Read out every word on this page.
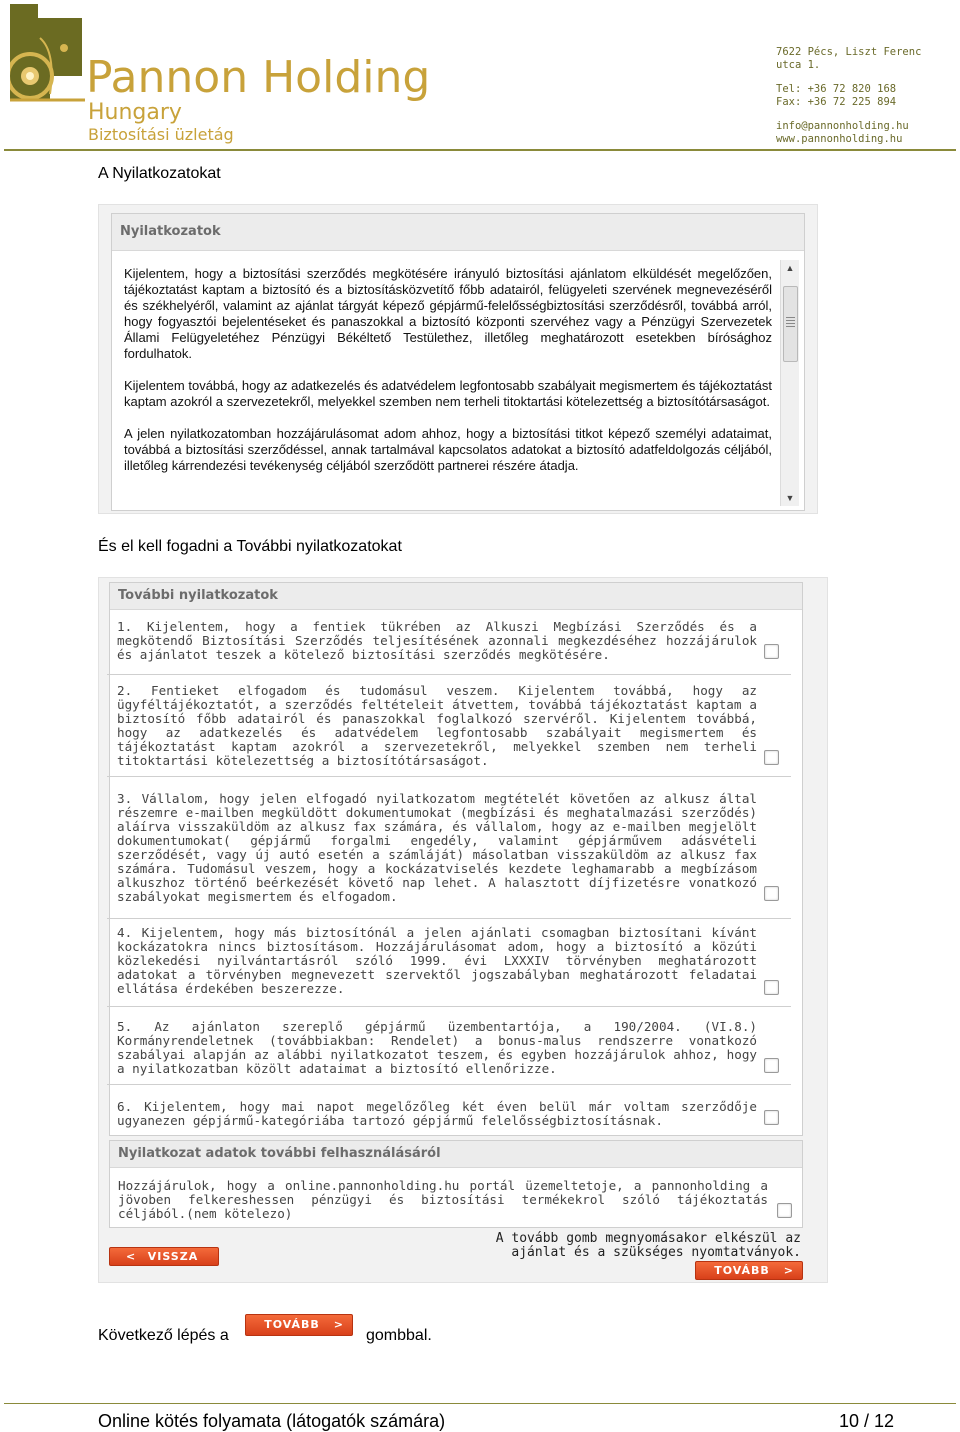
Pannon Holding
Hungary
Biztosítási üzletág
7622 Pécs, Liszt Ferenc utca 1.
Tel: +36 72 820 168
Fax: +36 72 225 894
info@pannonholding.hu
www.pannonholding.hu
A Nyilatkozatokat
Nyilatkozatok

Kijelentem, hogy a biztosítási szerződés megkötésére irányuló biztosítási ajánlatom elküldését megelőzően, tájékoztatást kaptam a biztosító és a biztosításközvetítő főbb adatairól, felügyeleti szervének megnevezéséről és székhelyéről, valamint az ajánlat tárgyát képező gépjármű-felelősségbiztosítási szerződésről, továbbá arról, hogy fogyasztói bejelentéseket és panaszokkal a biztosító központi szervéhez vagy a Pénzügyi Szervezetek Állami Felügyeletéhez Pénzügyi Békéltető Testülethez, illetőleg meghatározott esetekben bírósághoz fordulhatok.

Kijelentem továbbá, hogy az adatkezelés és adatvédelem legfontosabb szabályait megismertem és tájékoztatást kaptam azokról a szervezetekről, melyekkel szemben nem terheli titoktartási kötelezettség a biztosítótársaságot.

A jelen nyilatkozatomban hozzájárulásomat adom ahhoz, hogy a biztosítási titkot képező személyi adataimat, továbbá a biztosítási szerződéssel, annak tartalmával kapcsolatos adatokat a biztosító adatfeldolgozás céljából, illetőleg kárrendezési tevékenység céljából szerződött partnerei részére átadja.

▲
▼
És el kell fogadni a További nyilatkozatokat
További nyilatkozatok
1. Kijelentem, hogy a fentiek tükrében az Alkuszi Megbízási Szerződés és a megkötendő Biztosítási Szerződés teljesítésének azonnali megkezdéséhez hozzájárulok és ajánlatot teszek a kötelező biztosítási szerződés megkötésére.
2. Fentieket elfogadom és tudomásul veszem. Kijelentem továbbá, hogy az ügyféltájékoztatót, a szerződés feltételeit átvettem, továbbá tájékoztatást kaptam a biztosító főbb adatairól és panaszokkal foglalkozó szervéről. Kijelentem továbbá, hogy az adatkezelés és adatvédelem legfontosabb szabályait megismertem és tájékoztatást kaptam azokról a szervezetekről, melyekkel szemben nem terheli titoktartási kötelezettség a biztosítótársaságot.
3. Vállalom, hogy jelen elfogadó nyilatkozatom megtételét követően az alkusz által részemre e-mailben megküldött dokumentumokat (megbízási és meghatalmazási szerződés) aláírva visszaküldöm az alkusz fax számára, és vállalom, hogy az e-mailben megjelölt dokumentumokat( gépjármű forgalmi engedély, valamint gépjárművem adásvételi szerződését, vagy új autó esetén a számláját) másolatban visszaküldöm az alkusz fax számára. Tudomásul veszem, hogy a kockázatviselés kezdete leghamarabb a megbízásom alkuszhoz történő beérkezését követő nap lehet. A halasztott díjfizetésre vonatkozó szabályokat megismertem és elfogadom.
4. Kijelentem, hogy más biztosítónál a jelen ajánlati csomagban biztosítani kívánt kockázatokra nincs biztosításom. Hozzájárulásomat adom, hogy a biztosító a közúti közlekedési nyilvántartásról szóló 1999. évi LXXXIV törvényben meghatározott adatokat a törvényben megnevezett szervektől jogszabályban meghatározott feladatai ellátása érdekében beszerezze.
5. Az ajánlaton szereplő gépjármű üzembentartója, a 190/2004. (VI.8.) Kormányrendeletnek (továbbiakban: Rendelet) a bonus-malus rendszerre vonatkozó szabályai alapján az alábbi nyilatkozatot teszem, és egyben hozzájárulok ahhoz, hogy a nyilatkozatban közölt adataimat a biztosító ellenőrizze.
6. Kijelentem, hogy mai napot megelőzőleg két éven belül már voltam szerződője ugyanezen gépjármű-kategóriába tartozó gépjármű felelősségbiztosításnak.
Nyilatkozat adatok további felhasználásáról
Hozzájárulok, hogy a online.pannonholding.hu portál üzemeltetoje, a pannonholding a jövoben felkereshessen pénzügyi és biztosítási termékekrol szóló tájékoztatás céljából.(nem kötelezo)
< VISSZA
A tovább gomb megnyomásakor elkészül az
ajánlat és a szükséges nyomtatványok.
TOVÁBB >
Következő lépés a
TOVÁBB >
gombbal.
Online kötés folyamata (látogatók számára)	10 / 12
